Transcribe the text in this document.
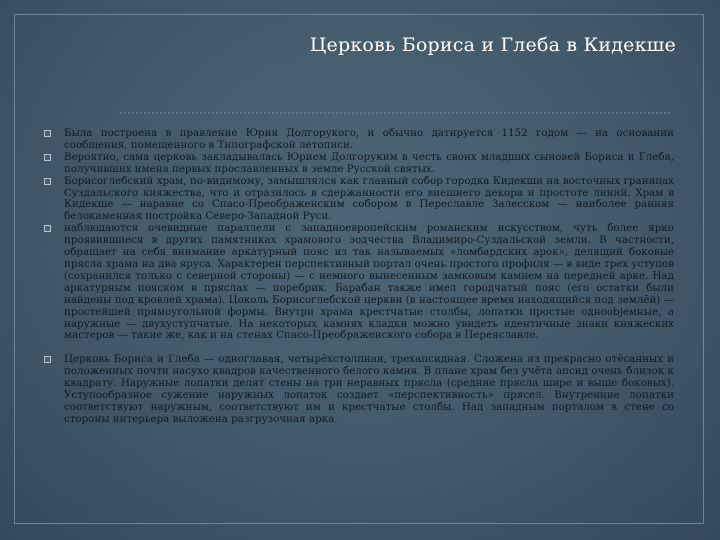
Церковь Бориса и Глеба в Кидекше
Была построена в правление Юрия Долгорукого, и обычно датируется 1152 годом — на основании сообщения, помещенного в Типографской летописи.
Вероятно, сама церковь закладывалась Юрием Долгоруким в честь своих младших сыновей Бориса и Глеба, получивших имена первых прославленных в земле Русской святых.
Борисоглебский храм, по-видимому, замышлялся как главный собор городка Кидекши на восточных границах Суздальского княжества, что и отразилось в сдержанности его внешнего декора и простоте линий. Храм в Кидекше — наравне со Спасо-Преображенским собором в Переславле Залесском — наиболее ранняя белокаменная постройка Северо-Западной Руси.
наблюдаются очевидные параллели с западноевропейским романским искусством, чуть более ярко проявившиеся в других памятниках храмового зодчества Владимиро-Суздальской земли. В частности, обращает на себя внимание аркатурный пояс из так называемых «ломбардских арок», делящий боковые прясла храма на два яруса. Характерен перспективный портал очень простого профиля — в виде трех уступов (сохранился только с северной стороны) — с немного вынесенным замковым камнем на передней арке. Над аркатурным пояском в пряслах — поребрик. Барабан также имел городчатый пояс (его остатки были найдены под кровлей храма). Цоколь Борисоглебской церкви (в настоящее время находящийся под землёй) — простейшей прямоугольной формы. Внутри храма крестчатые столбы, лопатки простые одноobjемные, а наружные — двухуступчатые. На некоторых камнях кладки можно увидеть идентичные знаки княжеских мастеров — такие же, как и на стенах Спасо-Преображенского собора в Переяславле.
Церковь Бориса и Глеба — одноглавая, четырёхстолпная, трехапсидная. Сложена из прекрасно отёсанных и положенных почти насухо квадров качественного белого камня. В плане храм без учёта апсид очень близок к квадрату. Наружные лопатки делят стены на три неравных прясла (средние прясла шире и выше боковых). Уступообразное сужение наружных лопаток создает «перспективность» прясел. Внутренние лопатки соответствуют наружным, соответствуют им и крестчатые столбы. Над западным порталом в стене со стороны интерьера выложена разгрузочная арка.
